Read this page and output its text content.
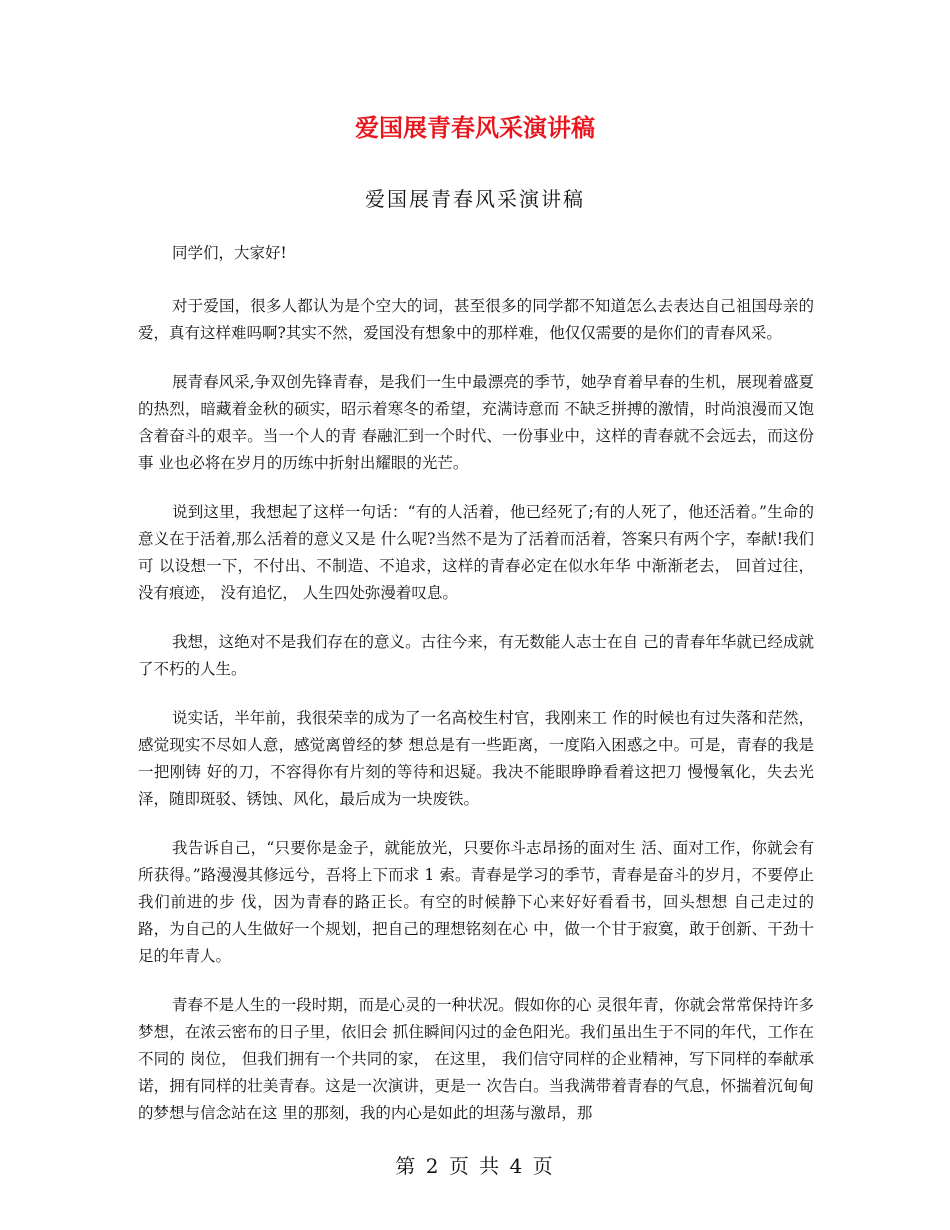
爱国展青春风采演讲稿
爱国展青春风采演讲稿

同学们，大家好!

对于爱国，很多人都认为是个空大的词，甚至很多的同学都不知道怎么去表达自己祖国母亲的爱，真有这样难吗啊?其实不然，爱国没有想象中的那样难，他仅仅需要的是你们的青春风采。

展青春风采,争双创先锋青春，是我们一生中最漂亮的季节，她孕育着早春的生机，展现着盛夏的热烈，暗藏着金秋的硕实，昭示着寒冬的希望，充满诗意而 不缺乏拼搏的激情，时尚浪漫而又饱含着奋斗的艰辛。当一个人的青 春融汇到一个时代、一份事业中，这样的青春就不会远去，而这份事 业也必将在岁月的历练中折射出耀眼的光芒。

说到这里，我想起了这样一句话：“有的人活着，他已经死了;有的人死了，他还活着。”生命的意义在于活着,那么活着的意义又是 什么呢?当然不是为了活着而活着，答案只有两个字，奉献!我们可 以设想一下，不付出、不制造、不追求，这样的青春必定在似水年华 中渐渐老去， 回首过往， 没有痕迹， 没有追忆， 人生四处弥漫着叹息。

我想，这绝对不是我们存在的意义。古往今来，有无数能人志士在自 己的青春年华就已经成就了不朽的人生。

说实话，半年前，我很荣幸的成为了一名高校生村官，我刚来工 作的时候也有过失落和茫然，感觉现实不尽如人意，感觉离曾经的梦 想总是有一些距离，一度陷入困惑之中。可是，青春的我是一把刚铸 好的刀，不容得你有片刻的等待和迟疑。我决不能眼睁睁看着这把刀 慢慢氧化，失去光泽，随即斑驳、锈蚀、风化，最后成为一块废铁。

我告诉自己，“只要你是金子，就能放光，只要你斗志昂扬的面对生 活、面对工作，你就会有所获得。”路漫漫其修远兮，吾将上下而求 1 索。青春是学习的季节，青春是奋斗的岁月，不要停止我们前进的步 伐，因为青春的路正长。有空的时候静下心来好好看看书，回头想想 自己走过的路，为自己的人生做好一个规划，把自己的理想铭刻在心 中，做一个甘于寂寞，敢于创新、干劲十足的年青人。

青春不是人生的一段时期，而是心灵的一种状况。假如你的心 灵很年青，你就会常常保持许多梦想，在浓云密布的日子里，依旧会 抓住瞬间闪过的金色阳光。我们虽出生于不同的年代，工作在不同的 岗位， 但我们拥有一个共同的家， 在这里， 我们信守同样的企业精神，写下同样的奉献承诺，拥有同样的壮美青春。这是一次演讲，更是一 次告白。当我满带着青春的气息，怀揣着沉甸甸的梦想与信念站在这 里的那刻，我的内心是如此的坦荡与激昂，那

第 2 页 共 4 页
